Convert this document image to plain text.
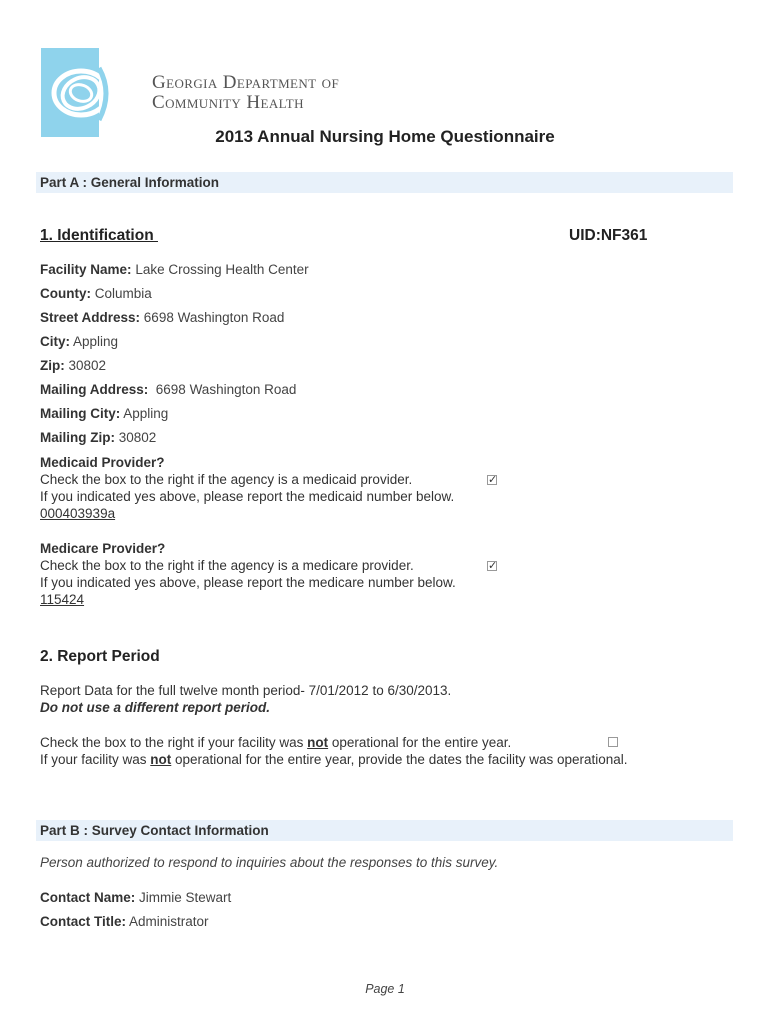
Georgia Department of
Community Health
2013 Annual Nursing Home Questionnaire
Part A : General Information
1. Identification	UID:NF361
Facility Name: Lake Crossing Health Center
County: Columbia
Street Address: 6698 Washington Road
City: Appling
Zip: 30802
Mailing Address:  6698 Washington Road
Mailing City: Appling
Mailing Zip: 30802
Medicaid Provider?
Check the box to the right if the agency is a medicaid provider.	✓
If you indicated yes above, please report the medicaid number below.
000403939a
Medicare Provider?
Check the box to the right if the agency is a medicare provider.	✓
If you indicated yes above, please report the medicare number below.
115424
2. Report Period
Report Data for the full twelve month period- 7/01/2012 to 6/30/2013.
Do not use a different report period.
Check the box to the right if your facility was not operational for the entire year.
If your facility was not operational for the entire year, provide the dates the facility was operational.
Part B : Survey Contact Information
Person authorized to respond to inquiries about the responses to this survey.
Contact Name: Jimmie Stewart
Contact Title: Administrator
Page 1
